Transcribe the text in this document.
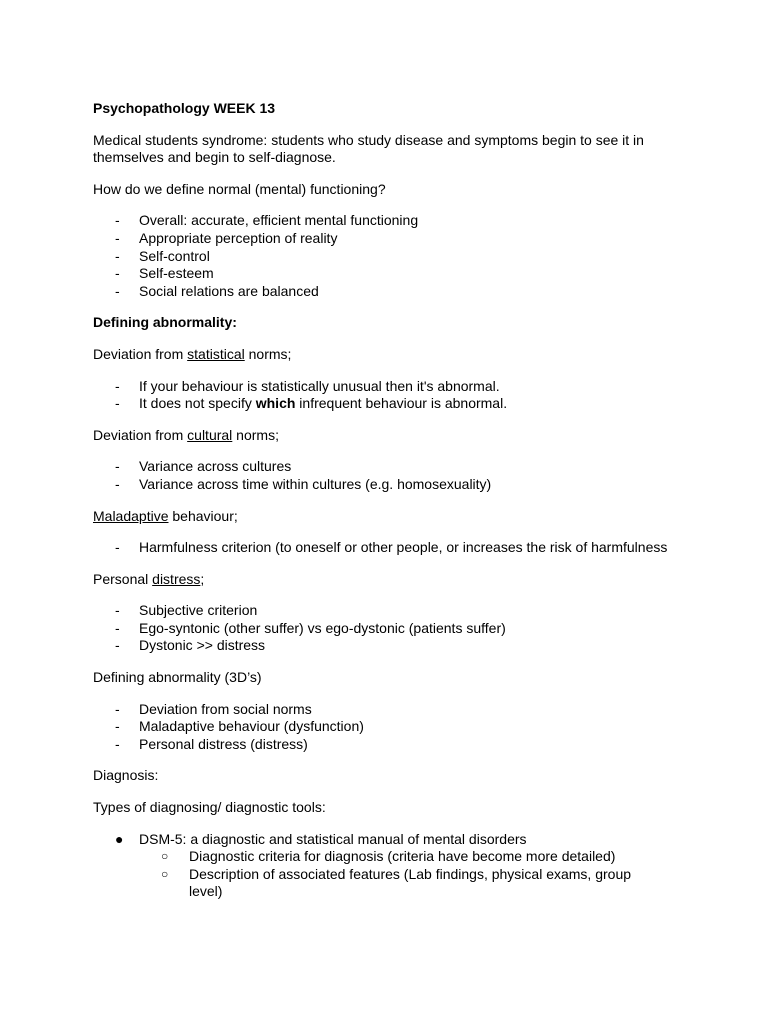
Psychopathology WEEK 13

Medical students syndrome: students who study disease and symptoms begin to see it in themselves and begin to self-diagnose.

How do we define normal (mental) functioning?

- Overall: accurate, efficient mental functioning
- Appropriate perception of reality
- Self-control
- Self-esteem
- Social relations are balanced

Defining abnormality:

Deviation from statistical norms;

- If your behaviour is statistically unusual then it's abnormal.
- It does not specify which infrequent behaviour is abnormal.

Deviation from cultural norms;

- Variance across cultures
- Variance across time within cultures (e.g. homosexuality)

Maladaptive behaviour;

- Harmfulness criterion (to oneself or other people, or increases the risk of harmfulness

Personal distress;

- Subjective criterion
- Ego-syntonic (other suffer) vs ego-dystonic (patients suffer)
- Dystonic >> distress

Defining abnormality (3D’s)

- Deviation from social norms
- Maladaptive behaviour (dysfunction)
- Personal distress (distress)

Diagnosis:

Types of diagnosing/ diagnostic tools:

● DSM-5: a diagnostic and statistical manual of mental disorders
○ Diagnostic criteria for diagnosis (criteria have become more detailed)
○ Description of associated features (Lab findings, physical exams, group level)
